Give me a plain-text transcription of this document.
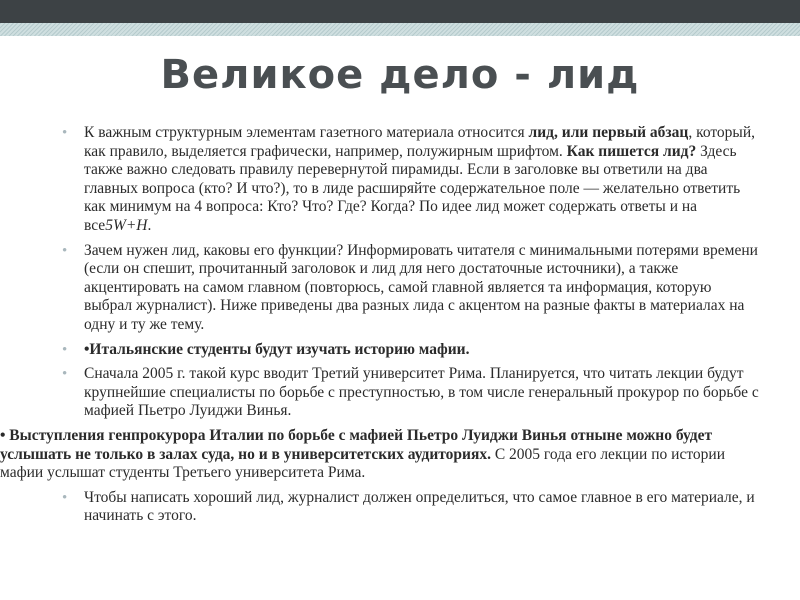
Великое дело - лид

• К важным структурным элементам газетного материала относится лид, или первый абзац, который, как правило, выделяется графически, например, полужирным шрифтом. Как пишется лид? Здесь также важно следовать правилу перевернутой пирамиды. Если в заголовке вы ответили на два главных вопроса (кто? И что?), то в лиде расширяйте содержательное поле — желательно ответить как минимум на 4 вопроса: Кто? Что? Где? Когда? По идее лид может содержать ответы и на все5W+H.

• Зачем нужен лид, каковы его функции? Информировать читателя с минимальными потерями времени (если он спешит, прочитанный заголовок и лид для него достаточные источники), а также акцентировать на самом главном (повторюсь, самой главной является та информация, которую выбрал журналист). Ниже приведены два разных лида с акцентом на разные факты в материалах на одну и ту же тему.

• •Итальянские студенты будут изучать историю мафии.

• Сначала 2005 г. такой курс вводит Третий университет Рима. Планируется, что читать лекции будут крупнейшие специалисты по борьбе с преступностью, в том числе генеральный прокурор по борьбе с мафией Пьетро Луиджи Винья.

• Выступления генпрокурора Италии по борьбе с мафией Пьетро Луиджи Винья отныне можно будет услышать не только в залах суда, но и в университетских аудиториях. С 2005 года его лекции по истории мафии услышат студенты Третьего университета Рима.

• Чтобы написать хороший лид, журналист должен определиться, что самое главное в его материале, и начинать с этого.
